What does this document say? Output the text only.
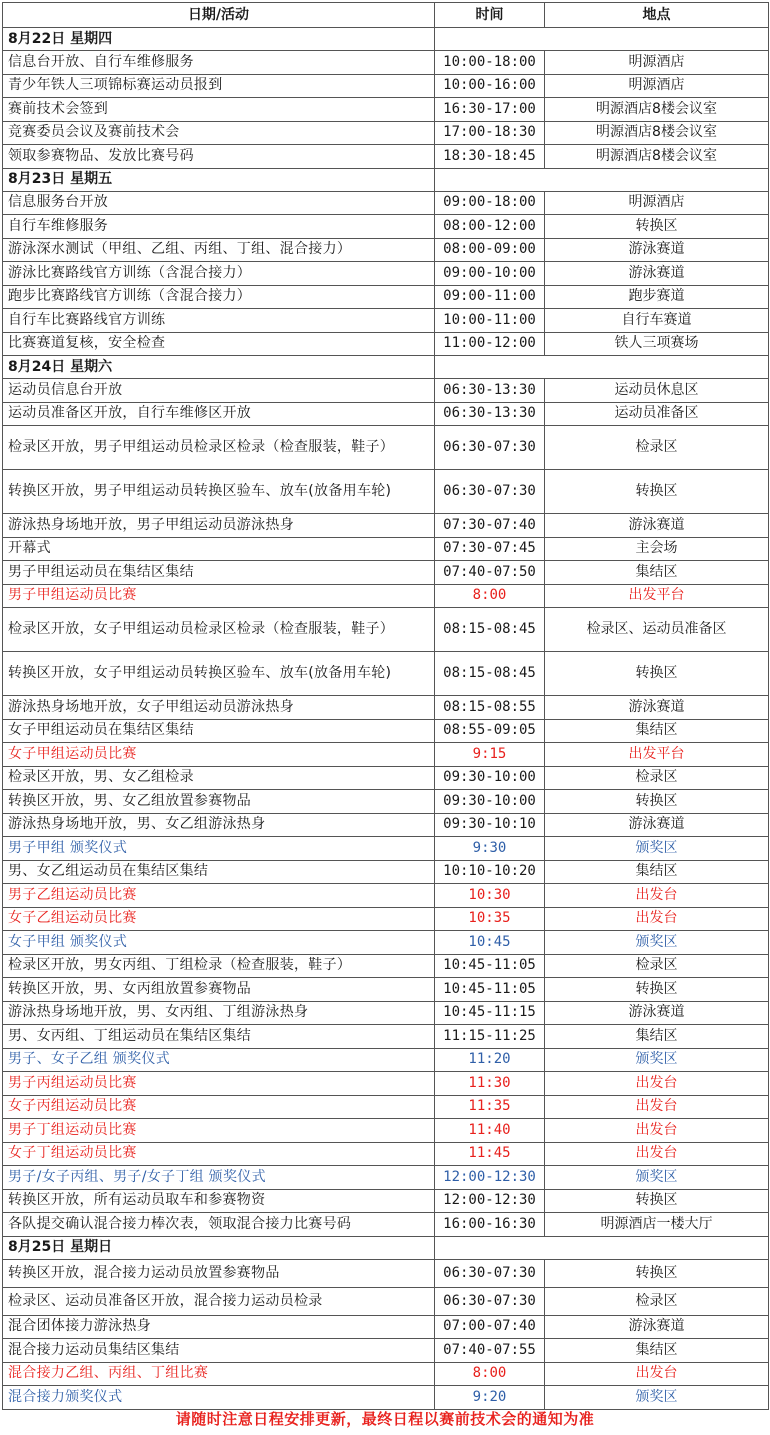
日期/活动	时间	地点
8月22日 星期四		
信息台开放、自行车维修服务	10:00-18:00	明源酒店
青少年铁人三项锦标赛运动员报到	10:00-16:00	明源酒店
赛前技术会签到	16:30-17:00	明源酒店8楼会议室
竞赛委员会议及赛前技术会	17:00-18:30	明源酒店8楼会议室
领取参赛物品、发放比赛号码	18:30-18:45	明源酒店8楼会议室
8月23日 星期五		
信息服务台开放	09:00-18:00	明源酒店
自行车维修服务	08:00-12:00	转换区
游泳深水测试（甲组、乙组、丙组、丁组、混合接力）	08:00-09:00	游泳赛道
游泳比赛路线官方训练（含混合接力）	09:00-10:00	游泳赛道
跑步比赛路线官方训练（含混合接力）	09:00-11:00	跑步赛道
自行车比赛路线官方训练	10:00-11:00	自行车赛道
比赛赛道复核，安全检查	11:00-12:00	铁人三项赛场
8月24日 星期六		
运动员信息台开放	06:30-13:30	运动员休息区
运动员准备区开放，自行车维修区开放	06:30-13:30	运动员准备区
检录区开放，男子甲组运动员检录区检录（检查服装，鞋子）	06:30-07:30	检录区
转换区开放，男子甲组运动员转换区验车、放车(放备用车轮)	06:30-07:30	转换区
游泳热身场地开放，男子甲组运动员游泳热身	07:30-07:40	游泳赛道
开幕式	07:30-07:45	主会场
男子甲组运动员在集结区集结	07:40-07:50	集结区
男子甲组运动员比赛	8:00	出发平台
检录区开放，女子甲组运动员检录区检录（检查服装，鞋子）	08:15-08:45	检录区、运动员准备区
转换区开放，女子甲组运动员转换区验车、放车(放备用车轮)	08:15-08:45	转换区
游泳热身场地开放，女子甲组运动员游泳热身	08:15-08:55	游泳赛道
女子甲组运动员在集结区集结	08:55-09:05	集结区
女子甲组运动员比赛	9:15	出发平台
检录区开放，男、女乙组检录	09:30-10:00	检录区
转换区开放，男、女乙组放置参赛物品	09:30-10:00	转换区
游泳热身场地开放，男、女乙组游泳热身	09:30-10:10	游泳赛道
男子甲组 颁奖仪式	9:30	颁奖区
男、女乙组运动员在集结区集结	10:10-10:20	集结区
男子乙组运动员比赛	10:30	出发台
女子乙组运动员比赛	10:35	出发台
女子甲组 颁奖仪式	10:45	颁奖区
检录区开放，男女丙组、丁组检录（检查服装，鞋子）	10:45-11:05	检录区
转换区开放，男、女丙组放置参赛物品	10:45-11:05	转换区
游泳热身场地开放，男、女丙组、丁组游泳热身	10:45-11:15	游泳赛道
男、女丙组、丁组运动员在集结区集结	11:15-11:25	集结区
男子、女子乙组 颁奖仪式	11:20	颁奖区
男子丙组运动员比赛	11:30	出发台
女子丙组运动员比赛	11:35	出发台
男子丁组运动员比赛	11:40	出发台
女子丁组运动员比赛	11:45	出发台
男子/女子丙组、男子/女子丁组 颁奖仪式	12:00-12:30	颁奖区
转换区开放，所有运动员取车和参赛物资	12:00-12:30	转换区
各队提交确认混合接力棒次表，领取混合接力比赛号码	16:00-16:30	明源酒店一楼大厅
8月25日 星期日		
转换区开放，混合接力运动员放置参赛物品	06:30-07:30	转换区
检录区、运动员准备区开放，混合接力运动员检录	06:30-07:30	检录区
混合团体接力游泳热身	07:00-07:40	游泳赛道
混合接力运动员集结区集结	07:40-07:55	集结区
混合接力乙组、丙组、丁组比赛	8:00	出发台
混合接力颁奖仪式	9:20	颁奖区
请随时注意日程安排更新，最终日程以赛前技术会的通知为准
